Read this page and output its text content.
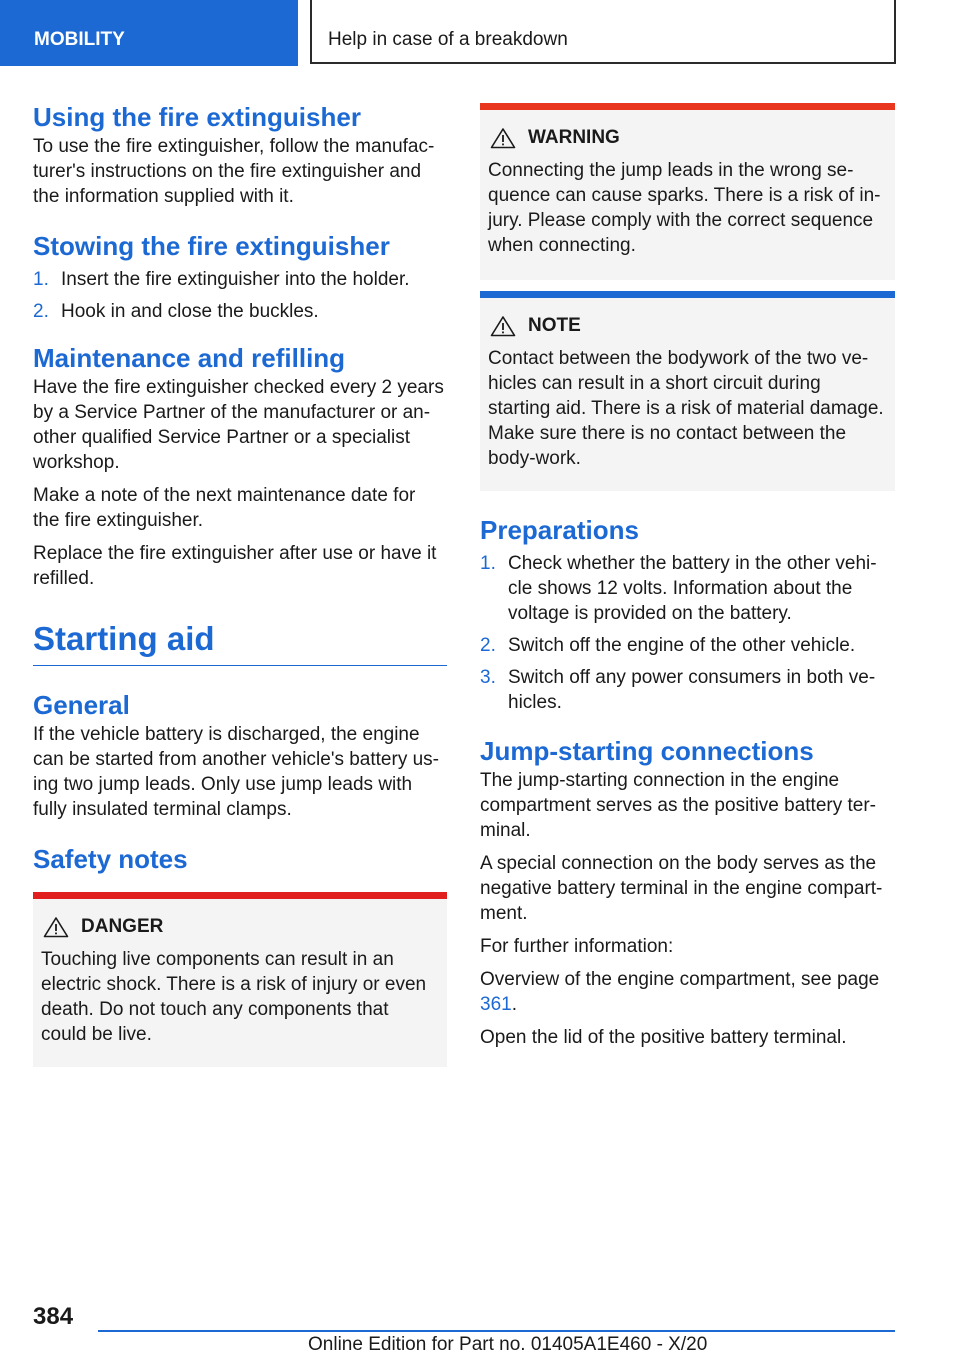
MOBILITY	Help in case of a breakdown
Using the fire extinguisher

To use the fire extinguisher, follow the manufac-turer's instructions on the fire extinguisher and the information supplied with it.

Stowing the fire extinguisher
1. Insert the fire extinguisher into the holder.
2. Hook in and close the buckles.
Maintenance and refilling

Have the fire extinguisher checked every 2 years by a Service Partner of the manufacturer or an-other qualified Service Partner or a specialist workshop.

Make a note of the next maintenance date for the fire extinguisher.

Replace the fire extinguisher after use or have it refilled.

Starting aid
General

If the vehicle battery is discharged, the engine can be started from another vehicle's battery us-ing two jump leads. Only use jump leads with fully insulated terminal clamps.

Safety notes
DANGER

Touching live components can result in an electric shock. There is a risk of injury or even death. Do not touch any components that could be live.

WARNING

Connecting the jump leads in the wrong se-quence can cause sparks. There is a risk of in-jury. Please comply with the correct sequence when connecting.

NOTE

Contact between the bodywork of the two ve-hicles can result in a short circuit during starting aid. There is a risk of material damage. Make sure there is no contact between the body-work.

Preparations
1. Check whether the battery in the other vehi-cle shows 12 volts. Information about the voltage is provided on the battery.
2. Switch off the engine of the other vehicle.
3. Switch off any power consumers in both ve-hicles.
Jump-starting connections

The jump-starting connection in the engine compartment serves as the positive battery ter-minal.

A special connection on the body serves as the negative battery terminal in the engine compart-ment.

For further information:

Overview of the engine compartment, see page 361.

Open the lid of the positive battery terminal.

384
Online Edition for Part no. 01405A1E460 - X/20
